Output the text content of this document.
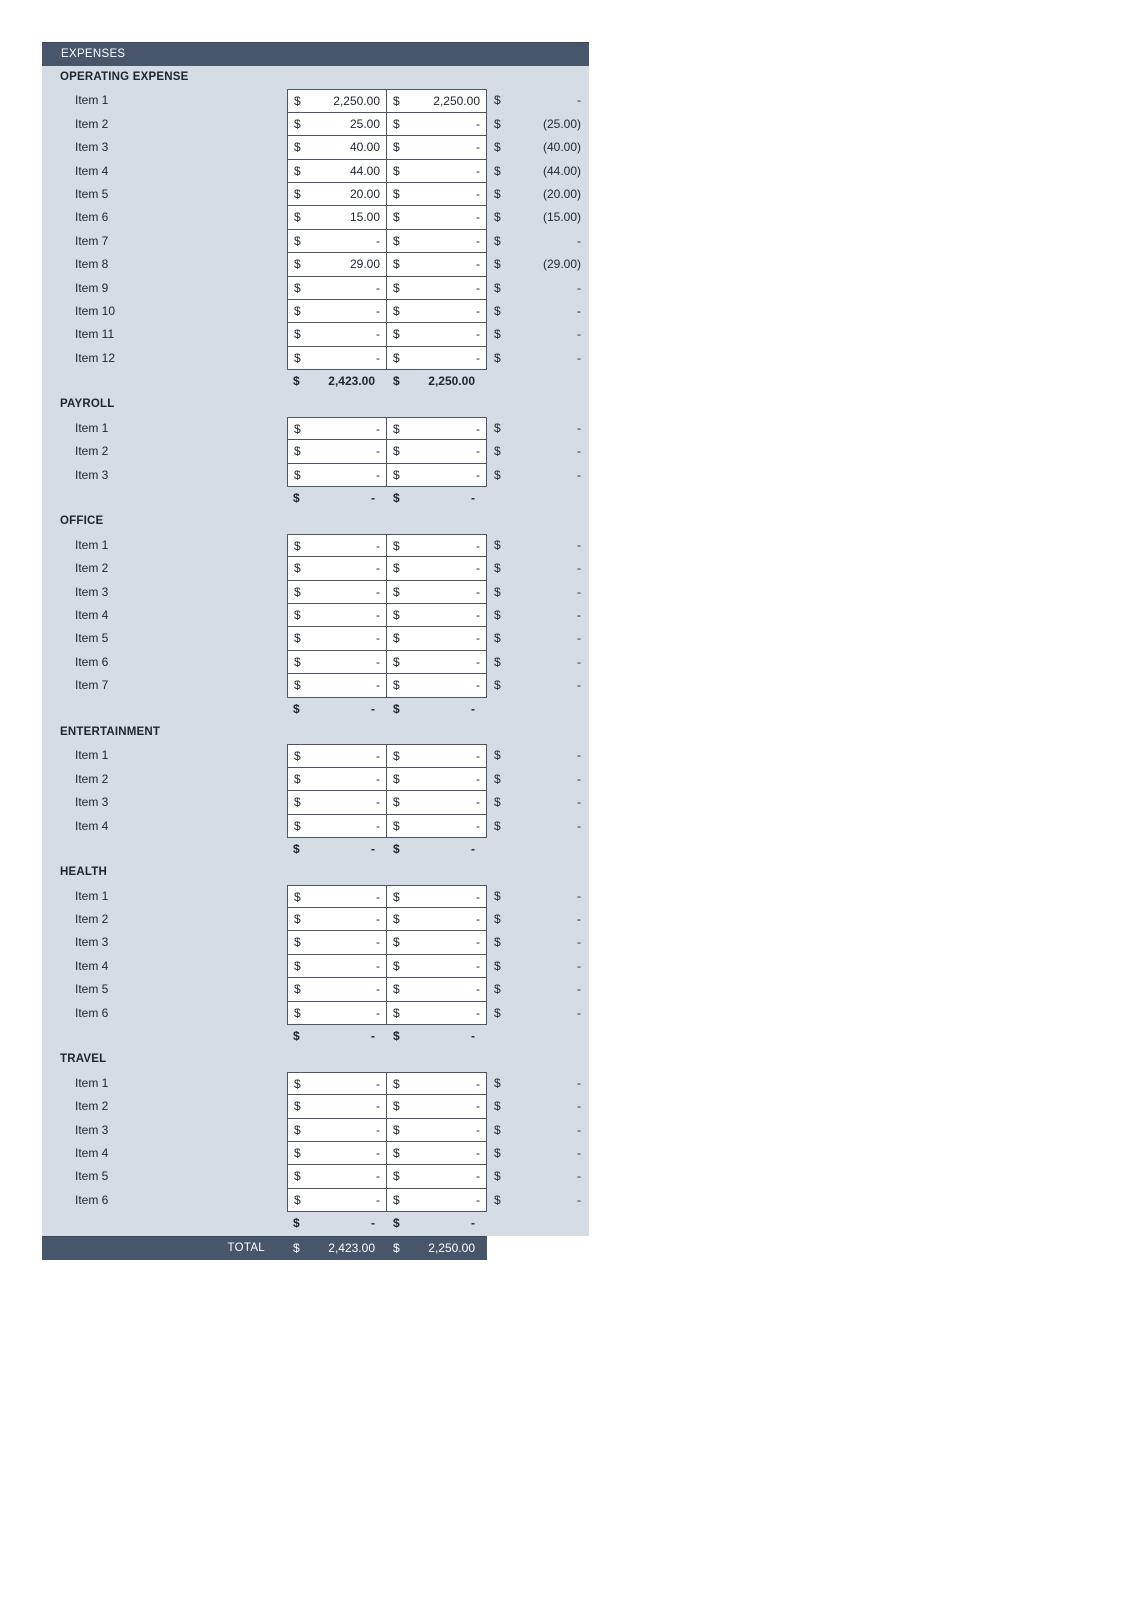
EXPENSES
OPERATING EXPENSE
Item 1	$	2,250.00 $	2,250.00 $	-
Item 2	$	25.00 $	- $	(25.00)
Item 3	$	40.00 $	- $	(40.00)
Item 4	$	44.00 $	- $	(44.00)
Item 5	$	20.00 $	- $	(20.00)
Item 6	$	15.00 $	- $	(15.00)
Item 7	$	- $	- $	-
Item 8	$	29.00 $	- $	(29.00)
Item 9	$	- $	- $	-
Item 10	$	- $	- $	-
Item 11	$	- $	- $	-
Item 12	$	- $	- $	-
$	2,423.00 $	2,250.00
PAYROLL
Item 1	$	- $	- $	-
Item 2	$	- $	- $	-
Item 3	$	- $	- $	-
$	- $	-
OFFICE
Item 1	$	- $	- $	-
Item 2	$	- $	- $	-
Item 3	$	- $	- $	-
Item 4	$	- $	- $	-
Item 5	$	- $	- $	-
Item 6	$	- $	- $	-
Item 7	$	- $	- $	-
$	- $	-
ENTERTAINMENT
Item 1	$	- $	- $	-
Item 2	$	- $	- $	-
Item 3	$	- $	- $	-
Item 4	$	- $	- $	-
$	- $	-
HEALTH
Item 1	$	- $	- $	-
Item 2	$	- $	- $	-
Item 3	$	- $	- $	-
Item 4	$	- $	- $	-
Item 5	$	- $	- $	-
Item 6	$	- $	- $	-
$	- $	-
TRAVEL
Item 1	$	- $	- $	-
Item 2	$	- $	- $	-
Item 3	$	- $	- $	-
Item 4	$	- $	- $	-
Item 5	$	- $	- $	-
Item 6	$	- $	- $	-
$	- $	-
TOTAL $	2,423.00 $	2,250.00
